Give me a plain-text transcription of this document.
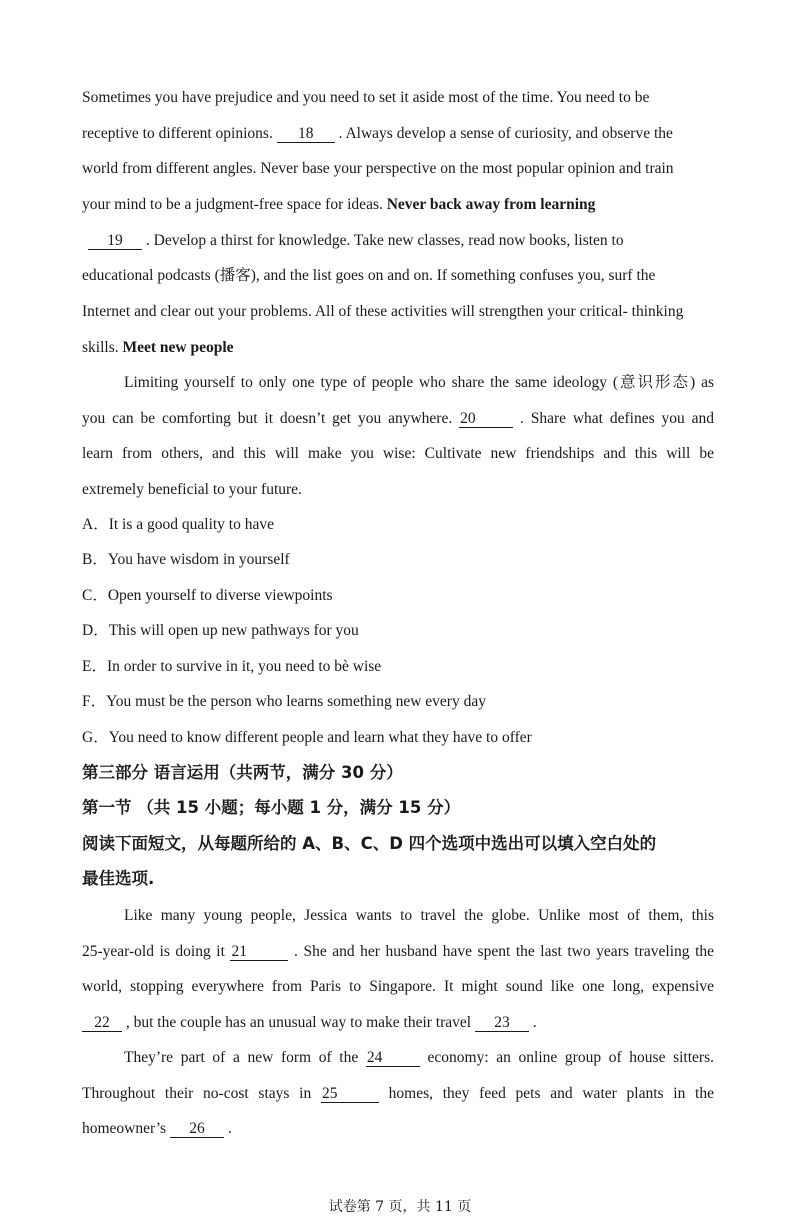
Sometimes you have prejudice and you need to set it aside most of the time. You need to be
receptive to different opinions. 18 . Always develop a sense of curiosity, and observe the
world from different angles. Never base your perspective on the most popular opinion and train
your mind to be a judgment-free space for ideas. Never back away from learning
19 . Develop a thirst for knowledge. Take new classes, read now books, listen to
educational podcasts (播客), and the list goes on and on. If something confuses you, surf the
Internet and clear out your problems. All of these activities will strengthen your critical- thinking
skills. Meet new people
Limiting yourself to only one type of people who share the same ideology (意识形态) as
you can be comforting but it doesn’t get you anywhere. 20 . Share what defines you and
learn from others, and this will make you wise: Cultivate new friendships and this will be
extremely beneficial to your future.
A．It is a good quality to have
B．You have wisdom in yourself
C．Open yourself to diverse viewpoints
D．This will open up new pathways for you
E．In order to survive in it, you need to bè wise
F．You must be the person who learns something new every day
G．You need to know different people and learn what they have to offer
第三部分 语言运用（共两节，满分 30 分）
第一节 （共 15 小题；每小题 1 分，满分 15 分）
阅读下面短文，从每题所给的 A、B、C、D 四个选项中选出可以填入空白处的
最佳选项.
Like many young people, Jessica wants to travel the globe. Unlike most of them, this
25-year-old is doing it 21	. She and her husband have spent the last two years traveling the
world, stopping everywhere from Paris to Singapore. It might sound like one long, expensive
22 , but the couple has an unusual way to make their travel 23 .
They’re part of a new form of the 24 economy: an online group of house sitters.
Throughout their no-cost stays in 25	homes, they feed pets and water plants in the
homeowner’s 26 .
试卷第 7 页，共 11 页
